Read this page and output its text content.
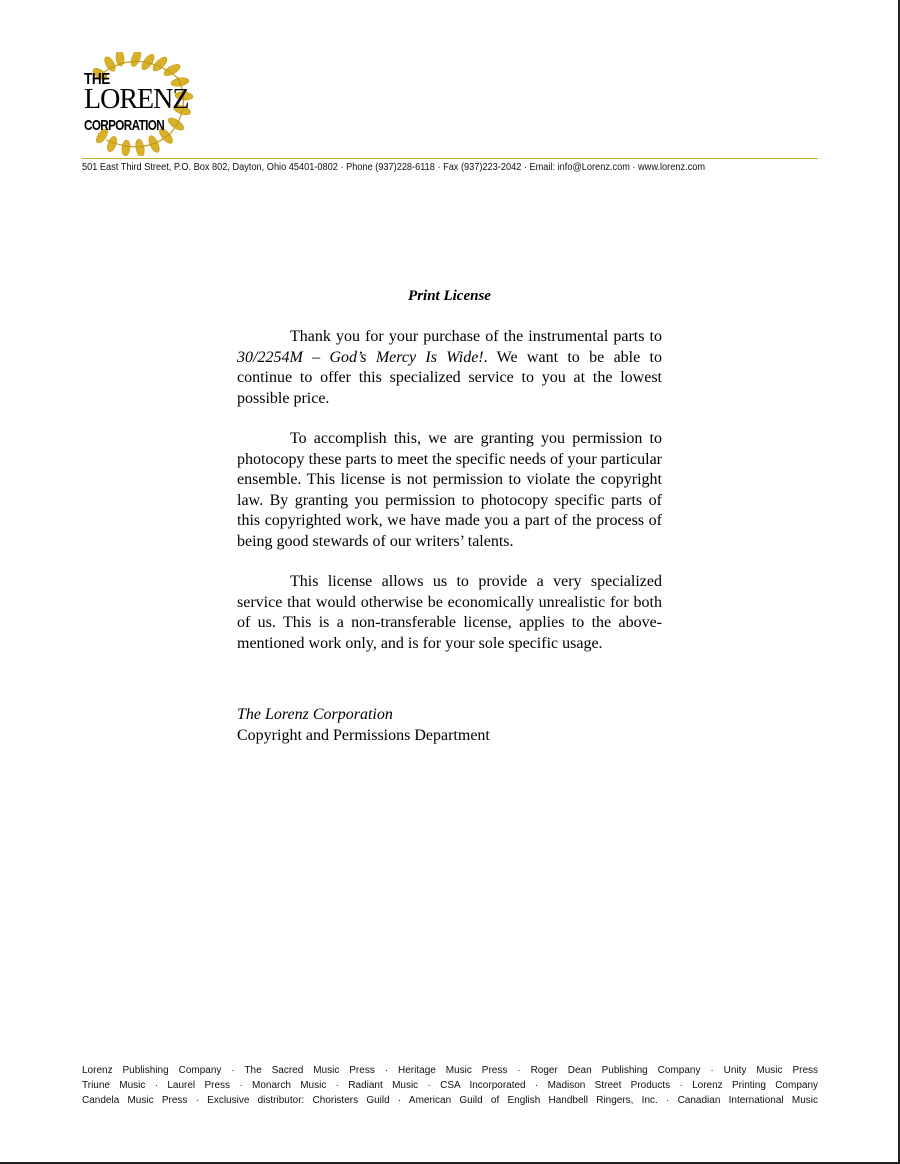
THE
LORENZ
CORPORATION
501 East Third Street, P.O. Box 802, Dayton, Ohio 45401-0802 · Phone (937)228-6118 · Fax (937)223-2042 · Email: info@Lorenz.com · www.lorenz.com
Print License

Thank you for your purchase of the instrumental parts to 30/2254M – God’s Mercy Is Wide!. We want to be able to continue to offer this specialized service to you at the lowest possible price.

To accomplish this, we are granting you permission to photocopy these parts to meet the specific needs of your particular ensemble. This license is not permission to violate the copyright law. By granting you permission to photocopy specific parts of this copyrighted work, we have made you a part of the process of being good stewards of our writers’ talents.

This license allows us to provide a very specialized service that would otherwise be economically unrealistic for both of us. This is a non-transferable license, applies to the above-mentioned work only, and is for your sole specific usage.

The Lorenz Corporation
Copyright and Permissions Department
Lorenz Publishing Company · The Sacred Music Press · Heritage Music Press · Roger Dean Publishing Company · Unity Music Press
Triune Music · Laurel Press · Monarch Music · Radiant Music · CSA Incorporated · Madison Street Products · Lorenz Printing Company
Candela Music Press · Exclusive distributor: Choristers Guild · American Guild of English Handbell Ringers, Inc. · Canadian International Music
